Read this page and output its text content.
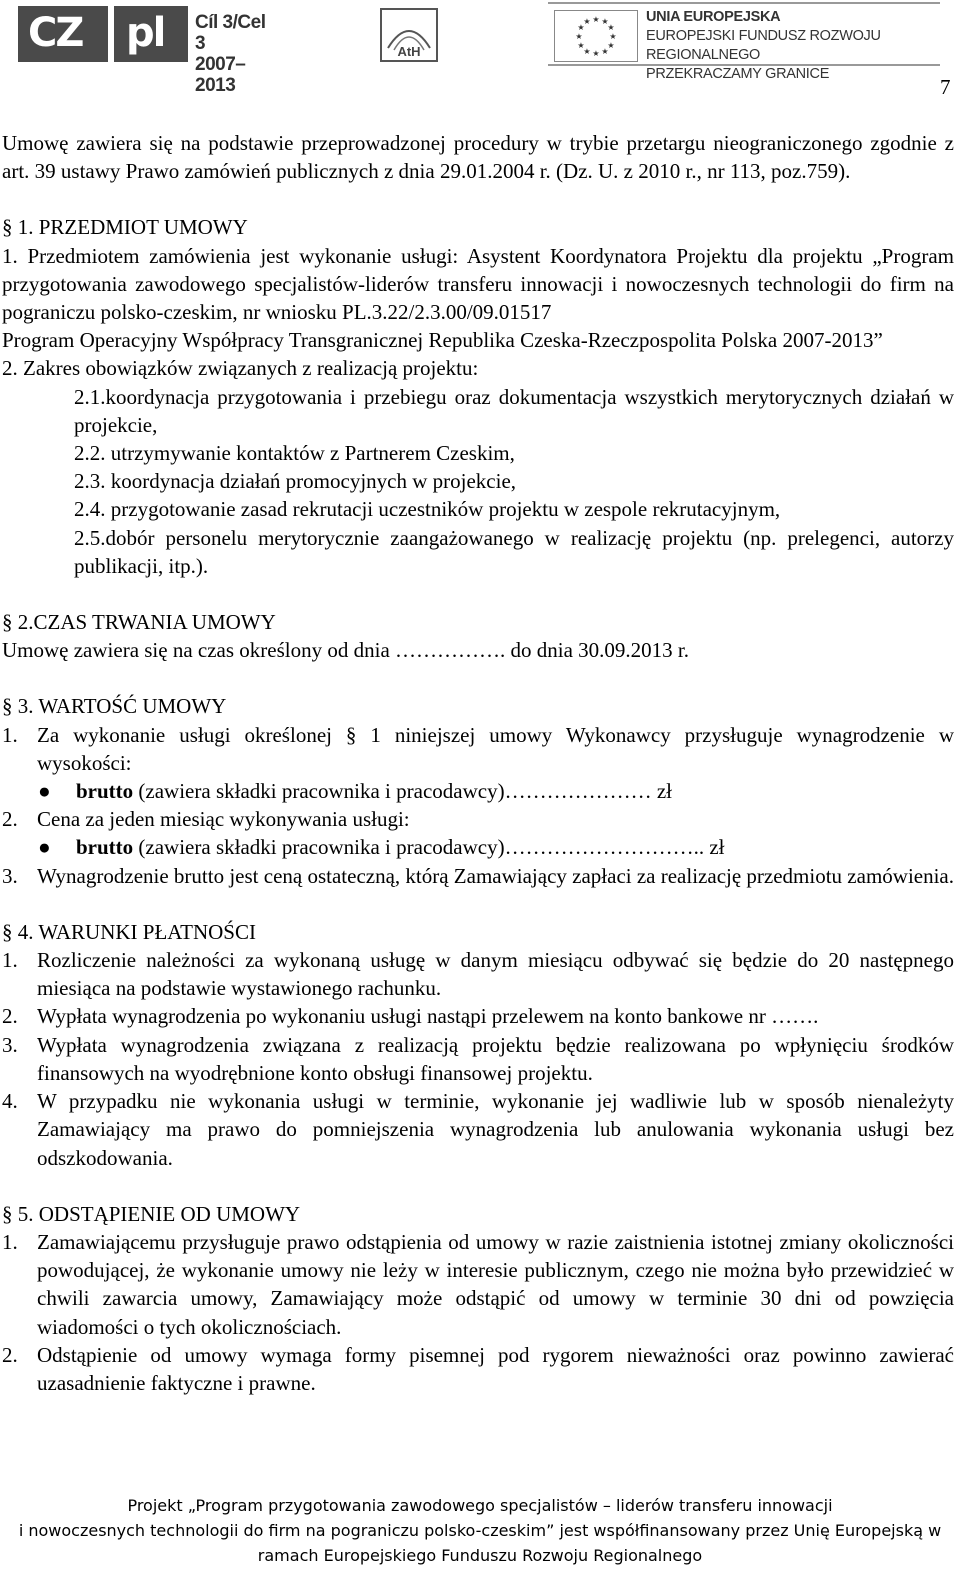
CZ pl Cíl 3/Cel 3
2007–2013
AtH
★ ★
★
★
★
★
★
★
★
★
★
★	UNIA EUROPEJSKA
EUROPEJSKI FUNDUSZ ROZWOJU REGIONALNEGO
PRZEKRACZAMY GRANICE
7

Umowę zawiera się na podstawie przeprowadzonej procedury w trybie przetargu nieograniczonego zgodnie z art. 39 ustawy Prawo zamówień publicznych z dnia 29.01.2004 r. (Dz. U. z 2010 r., nr 113, poz.759).

§ 1. PRZEDMIOT UMOWY

1. Przedmiotem zamówienia jest wykonanie usługi: Asystent Koordynatora Projektu dla projektu „Program przygotowania zawodowego specjalistów-liderów transferu innowacji i nowoczesnych technologii do firm na pograniczu polsko-czeskim, nr wniosku PL.3.22/2.3.00/09.01517

Program Operacyjny Współpracy Transgranicznej Republika Czeska-Rzeczpospolita Polska 2007-2013”

2. Zakres obowiązków związanych z realizacją projektu:

2.1.koordynacja przygotowania i przebiegu oraz dokumentacja wszystkich merytorycznych działań w projekcie,

2.2. utrzymywanie kontaktów z Partnerem Czeskim,

2.3. koordynacja działań promocyjnych w projekcie,

2.4. przygotowanie zasad rekrutacji uczestników projektu w zespole rekrutacyjnym,

2.5.dobór personelu merytorycznie zaangażowanego w realizację projektu (np. prelegenci, autorzy publikacji, itp.).

§ 2.CZAS TRWANIA UMOWY

Umowę zawiera się na czas określony od dnia ……………. do dnia 30.09.2013 r.

§ 3. WARTOŚĆ UMOWY

1. Za wykonanie usługi określonej § 1 niniejszej umowy Wykonawcy przysługuje wynagrodzenie w wysokości:
●	brutto (zawiera składki pracownika i pracodawcy)………………… zł
2. Cena za jeden miesiąc wykonywania usługi:
●	brutto (zawiera składki pracownika i pracodawcy)……………………….. zł
3. Wynagrodzenie brutto jest ceną ostateczną, którą Zamawiający zapłaci za realizację przedmiotu zamówienia.

§ 4. WARUNKI PŁATNOŚCI

1. Rozliczenie należności za wykonaną usługę w danym miesiącu odbywać się będzie do 20 następnego miesiąca na podstawie wystawionego rachunku.
2. Wypłata wynagrodzenia po wykonaniu usługi nastąpi przelewem na konto bankowe nr …….
3. Wypłata wynagrodzenia związana z realizacją projektu będzie realizowana po wpłynięciu środków finansowych na wyodrębnione konto obsługi finansowej projektu.
4. W przypadku nie wykonania usługi w terminie, wykonanie jej wadliwie lub w sposób nienależyty Zamawiający ma prawo do pomniejszenia wynagrodzenia lub anulowania wykonania usługi bez odszkodowania.

§ 5. ODSTĄPIENIE OD UMOWY

1. Zamawiającemu przysługuje prawo odstąpienia od umowy w razie zaistnienia istotnej zmiany okoliczności powodującej, że wykonanie umowy nie leży w interesie publicznym, czego nie można było przewidzieć w chwili zawarcia umowy, Zamawiający może odstąpić od umowy w terminie 30 dni od powzięcia wiadomości o tych okolicznościach.
2. Odstąpienie od umowy wymaga formy pisemnej pod rygorem nieważności oraz powinno zawierać uzasadnienie faktyczne i prawne.
Projekt „Program przygotowania zawodowego specjalistów – liderów transferu innowacji
i nowoczesnych technologii do firm na pograniczu polsko-czeskim” jest współfinansowany przez Unię Europejską w
ramach Europejskiego Funduszu Rozwoju Regionalnego
